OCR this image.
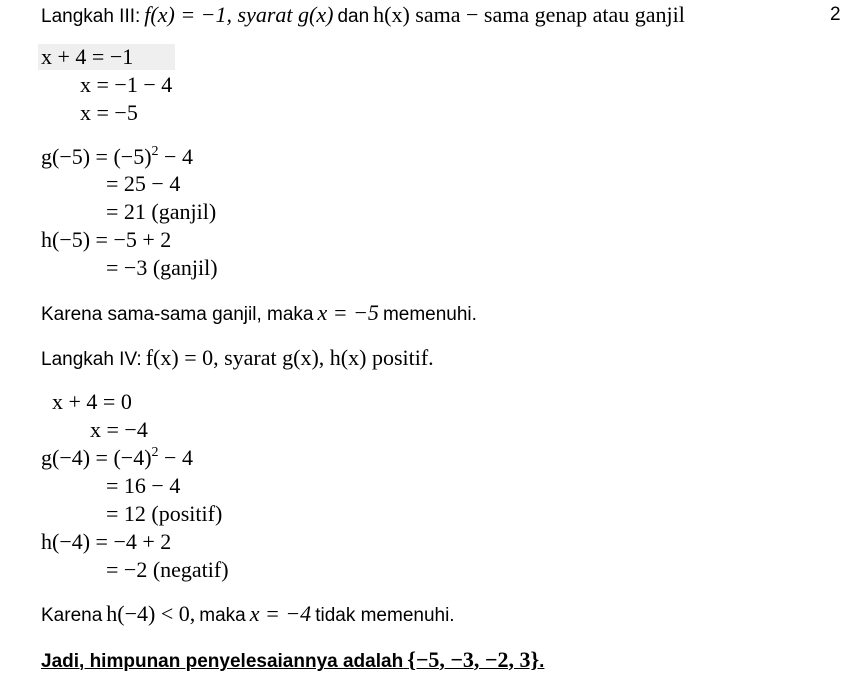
2
Langkah III: f(x) = −1, syarat g(x) dan h(x) sama − sama genap atau ganjil
x + 4 = −1
x = −1 − 4
x = −5
$g(-5) = (-5)^2 - 4$
= 25 − 4
= 21 (ganjil)
h(−5) = −5 + 2
= −3 (ganjil)
Karena sama-sama ganjil, maka x = −5 memenuhi.
Langkah IV: f(x) = 0, syarat g(x), h(x) positif.
x + 4 = 0
x = −4
$g(-4) = (-4)^2 - 4$
= 16 − 4
= 12 (positif)
h(−4) = −4 + 2
= −2 (negatif)
Karena h(−4) < 0, maka x = −4 tidak memenuhi.
Jadi, himpunan penyelesaiannya adalah {−5, −3, −2, 3}.
